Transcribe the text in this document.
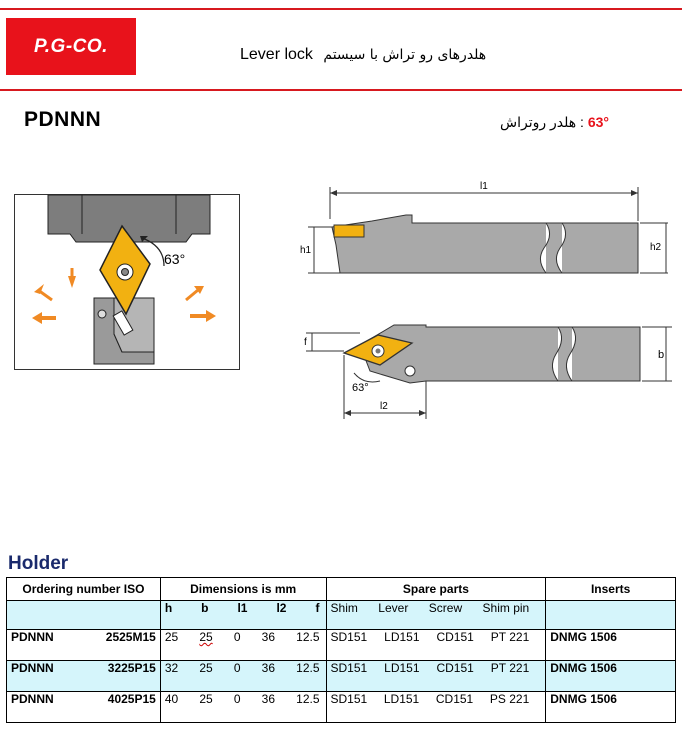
P.G-CO.	Lever lock هلدرهای رو تراش با سیستم
PDNNN	: هلدر روتراش 63°
63°
l1
h1	h2
f
b
l2
63°
Holder
Ordering number ISO	Dimensions is mm	Spare parts	Inserts

	h b l1 l2 f	Shim Lever Screw Shim pin	

PDNNN 2525M15	25 25 0 36 12.5	SD151 LD151 CD151 PT 221	DNMG 1506

PDNNN 3225P15	32 25 0 36 12.5	SD151 LD151 CD151 PT 221	DNMG 1506

PDNNN 4025P15	40 25 0 36 12.5	SD151 LD151 CD151 PS 221	DNMG 1506
